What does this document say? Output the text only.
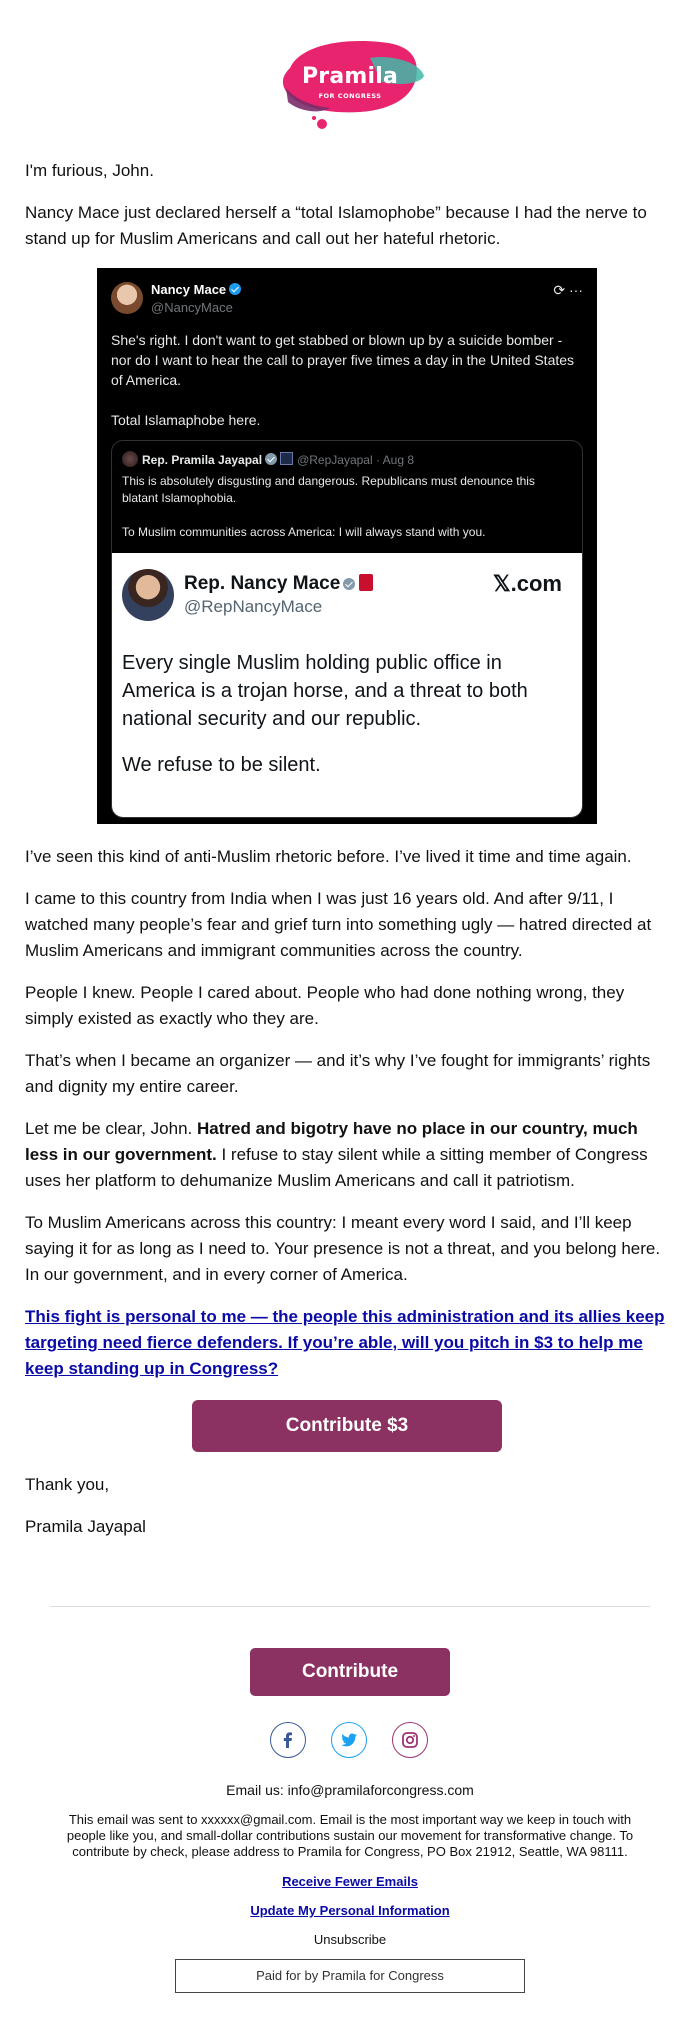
Pramila
FOR CONGRESS

I'm furious, John.

Nancy Mace just declared herself a “total Islamophobe” because I had the nerve to stand up for Muslim Americans and call out her hateful rhetoric.

Nancy Mace
@NancyMace
⟳ ···

She's right. I don't want to get stabbed or blown up by a suicide bomber - nor do I want to hear the call to prayer five times a day in the United States of America.

Total Islamaphobe here.

Rep. Pramila Jayapal	@RepJayapal · Aug 8

This is absolutely disgusting and dangerous. Republicans must denounce this blatant Islamophobia.

To Muslim communities across America: I will always stand with you.

Rep. Nancy Mace
@RepNancyMace
𝕏.com

Every single Muslim holding public office in America is a trojan horse, and a threat to both national security and our republic.

We refuse to be silent.

I’ve seen this kind of anti-Muslim rhetoric before. I’ve lived it time and time again.

I came to this country from India when I was just 16 years old. And after 9/11, I watched many people’s fear and grief turn into something ugly — hatred directed at Muslim Americans and immigrant communities across the country.

People I knew. People I cared about. People who had done nothing wrong, they simply existed as exactly who they are.

That’s when I became an organizer — and it’s why I’ve fought for immigrants’ rights and dignity my entire career.

Let me be clear, John. Hatred and bigotry have no place in our country, much less in our government. I refuse to stay silent while a sitting member of Congress uses her platform to dehumanize Muslim Americans and call it patriotism.

To Muslim Americans across this country: I meant every word I said, and I’ll keep saying it for as long as I need to. Your presence is not a threat, and you belong here. In our government, and in every corner of America.

This fight is personal to me — the people this administration and its allies keep targeting need fierce defenders. If you’re able, will you pitch in $3 to help me keep standing up in Congress?
Contribute $3

Thank you,

Pramila Jayapal

Contribute
Email us: info@pramilaforcongress.com
This email was sent to xxxxxx@gmail.com. Email is the most important way we keep in touch with people like you, and small-dollar contributions sustain our movement for transformative change. To contribute by check, please address to Pramila for Congress, PO Box 21912, Seattle, WA 98111.
Receive Fewer Emails
Update My Personal Information
Unsubscribe
Paid for by Pramila for Congress
